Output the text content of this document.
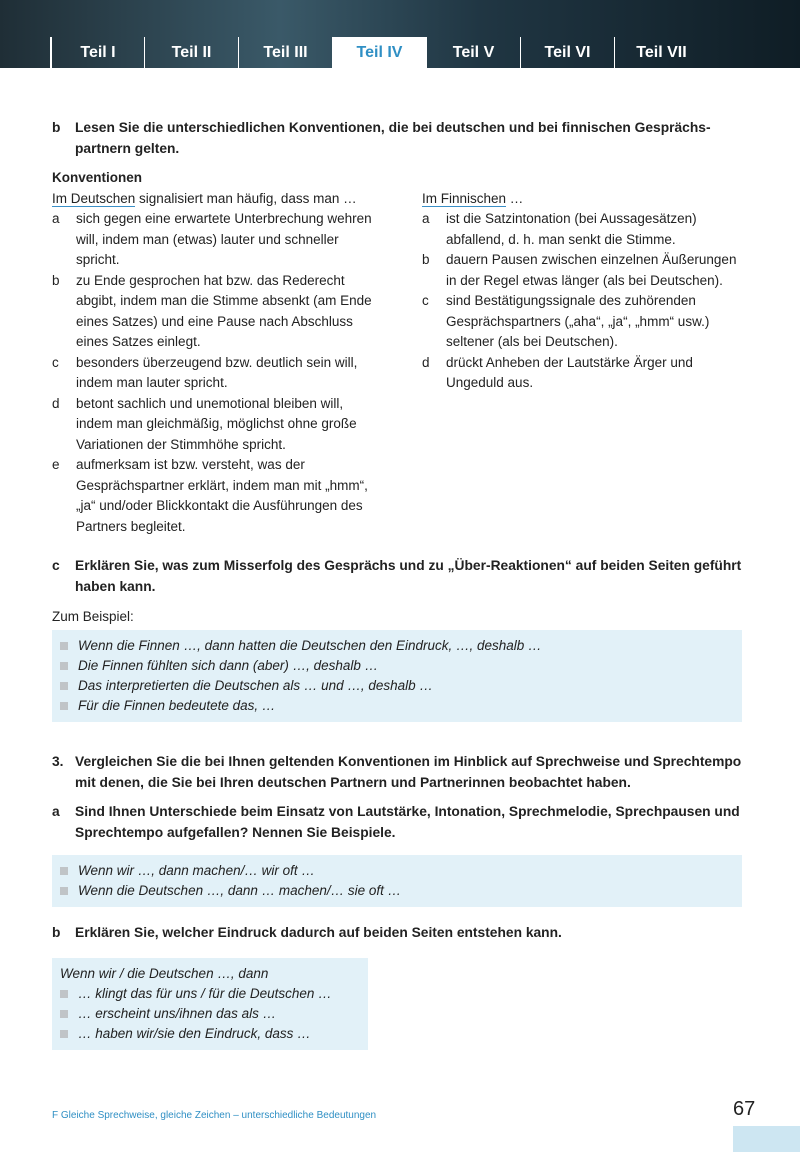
Teil I	Teil II	Teil III	Teil IV	Teil V	Teil VI	Teil VII
b	Lesen Sie die unterschiedlichen Konventionen, die bei deutschen und bei finnischen Gesprächs-partnern gelten.
Konventionen
Im Deutschen signalisiert man häufig, dass man …
a	sich gegen eine erwartete Unterbrechung wehren will, indem man (etwas) lauter und schneller spricht.
b	zu Ende gesprochen hat bzw. das Rederecht abgibt, indem man die Stimme absenkt (am Ende eines Satzes) und eine Pause nach Abschluss eines Satzes einlegt.
c	besonders überzeugend bzw. deutlich sein will, indem man lauter spricht.
d	betont sachlich und unemotional bleiben will, indem man gleichmäßig, möglichst ohne große Variationen der Stimmhöhe spricht.
e	aufmerksam ist bzw. versteht, was der Gesprächspartner erklärt, indem man mit „hmm“, „ja“ und/oder Blickkontakt die Ausführungen des Partners begleitet.
Im Finnischen …
a	ist die Satzintonation (bei Aussagesätzen) abfallend, d. h. man senkt die Stimme.
b	dauern Pausen zwischen einzelnen Äußerungen in der Regel etwas länger (als bei Deutschen).
c	sind Bestätigungssignale des zuhörenden Gesprächspartners („aha“, „ja“, „hmm“ usw.) seltener (als bei Deutschen).
d	drückt Anheben der Lautstärke Ärger und Ungeduld aus.
c	Erklären Sie, was zum Misserfolg des Gesprächs und zu „Über-Reaktionen“ auf beiden Seiten geführt haben kann.
Zum Beispiel:
Wenn die Finnen …, dann hatten die Deutschen den Eindruck, …, deshalb …
Die Finnen fühlten sich dann (aber) …, deshalb …
Das interpretierten die Deutschen als … und …, deshalb …
Für die Finnen bedeutete das, …
3. Vergleichen Sie die bei Ihnen geltenden Konventionen im Hinblick auf Sprechweise und Sprechtempo mit denen, die Sie bei Ihren deutschen Partnern und Partnerinnen beobachtet haben.
a	Sind Ihnen Unterschiede beim Einsatz von Lautstärke, Intonation, Sprechmelodie, Sprechpausen und Sprechtempo aufgefallen? Nennen Sie Beispiele.
Wenn wir …, dann machen/… wir oft …
Wenn die Deutschen …, dann … machen/… sie oft …
b	Erklären Sie, welcher Eindruck dadurch auf beiden Seiten entstehen kann.
Wenn wir / die Deutschen …, dann
… klingt das für uns / für die Deutschen …
… erscheint uns/ihnen das als …
… haben wir/sie den Eindruck, dass …
F Gleiche Sprechweise, gleiche Zeichen – unterschiedliche Bedeutungen	67
